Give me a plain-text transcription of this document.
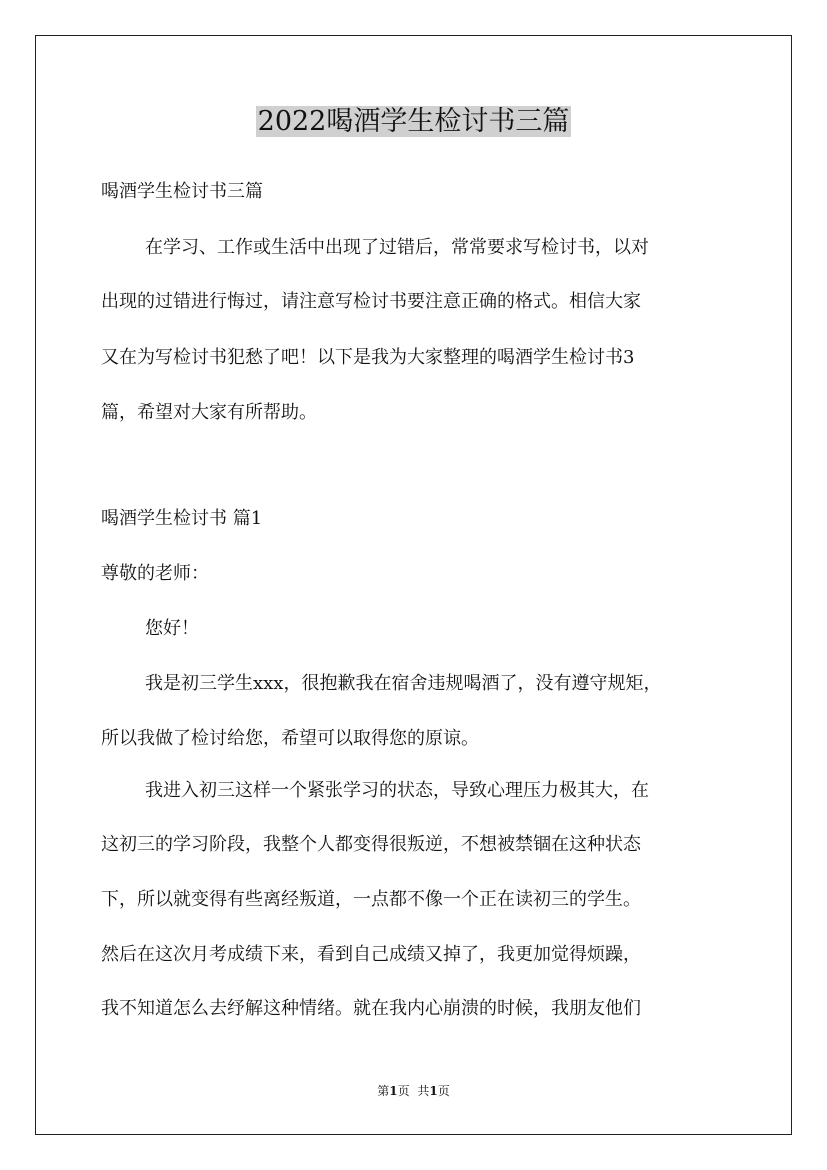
2022喝酒学生检讨书三篇
喝酒学生检讨书三篇
在学习、工作或生活中出现了过错后，常常要求写检讨书，以对
出现的过错进行悔过，请注意写检讨书要注意正确的格式。相信大家
又在为写检讨书犯愁了吧！以下是我为大家整理的喝酒学生检讨书3
篇，希望对大家有所帮助。
喝酒学生检讨书 篇1
尊敬的老师：
您好！
我是初三学生xxx，很抱歉我在宿舍违规喝酒了，没有遵守规矩，
所以我做了检讨给您，希望可以取得您的原谅。
我进入初三这样一个紧张学习的状态，导致心理压力极其大，在
这初三的学习阶段，我整个人都变得很叛逆，不想被禁锢在这种状态
下，所以就变得有些离经叛道，一点都不像一个正在读初三的学生。
然后在这次月考成绩下来，看到自己成绩又掉了，我更加觉得烦躁，
我不知道怎么去纾解这种情绪。就在我内心崩溃的时候，我朋友他们
第1页 共1页
